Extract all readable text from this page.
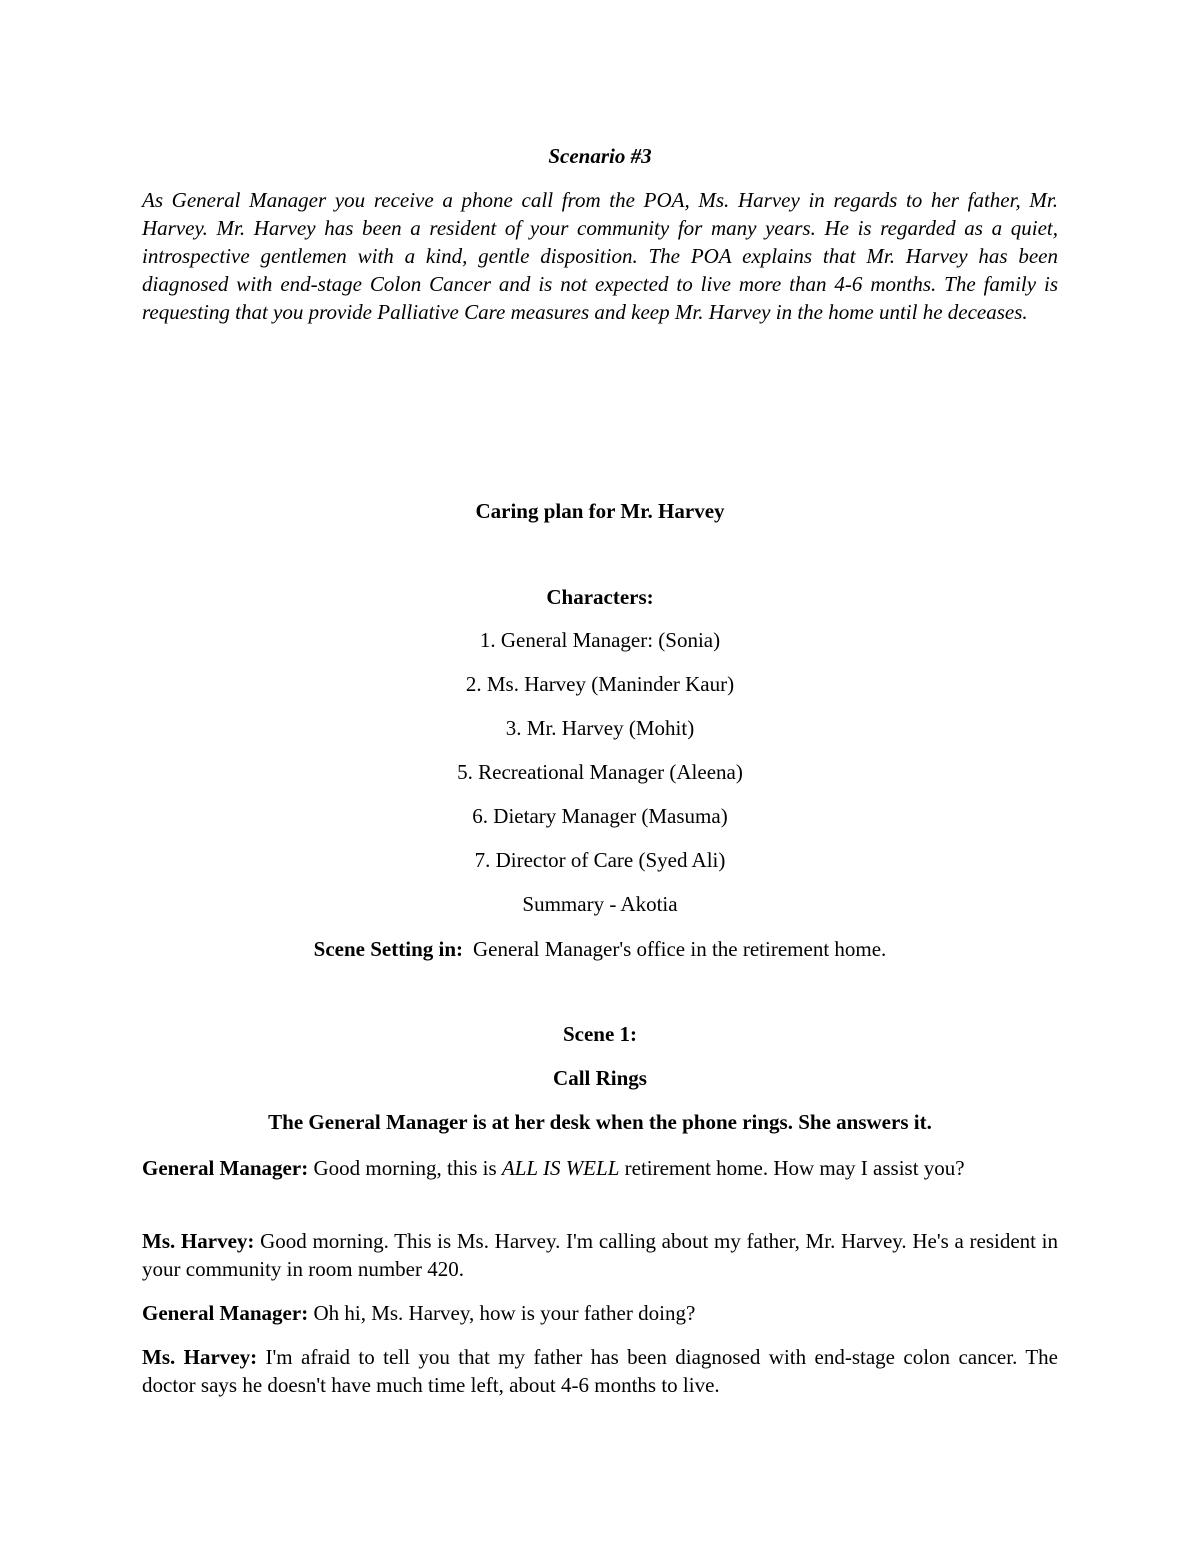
Scenario #3
As General Manager you receive a phone call from the POA, Ms. Harvey in regards to her father, Mr. Harvey. Mr. Harvey has been a resident of your community for many years. He is regarded as a quiet, introspective gentlemen with a kind, gentle disposition. The POA explains that Mr. Harvey has been diagnosed with end-stage Colon Cancer and is not expected to live more than 4-6 months. The family is requesting that you provide Palliative Care measures and keep Mr. Harvey in the home until he deceases.
Caring plan for Mr. Harvey
Characters:
1. General Manager: (Sonia)
2. Ms. Harvey (Maninder Kaur)
3. Mr. Harvey (Mohit)
5. Recreational Manager (Aleena)
6. Dietary Manager (Masuma)
7. Director of Care (Syed Ali)
Summary - Akotia
Scene Setting in: General Manager's office in the retirement home.
Scene 1:
Call Rings
The General Manager is at her desk when the phone rings. She answers it.
General Manager: Good morning, this is ALL IS WELL retirement home. How may I assist you?
Ms. Harvey: Good morning. This is Ms. Harvey. I'm calling about my father, Mr. Harvey. He's a resident in your community in room number 420.
General Manager: Oh hi, Ms. Harvey, how is your father doing?
Ms. Harvey: I'm afraid to tell you that my father has been diagnosed with end-stage colon cancer. The doctor says he doesn't have much time left, about 4-6 months to live.
